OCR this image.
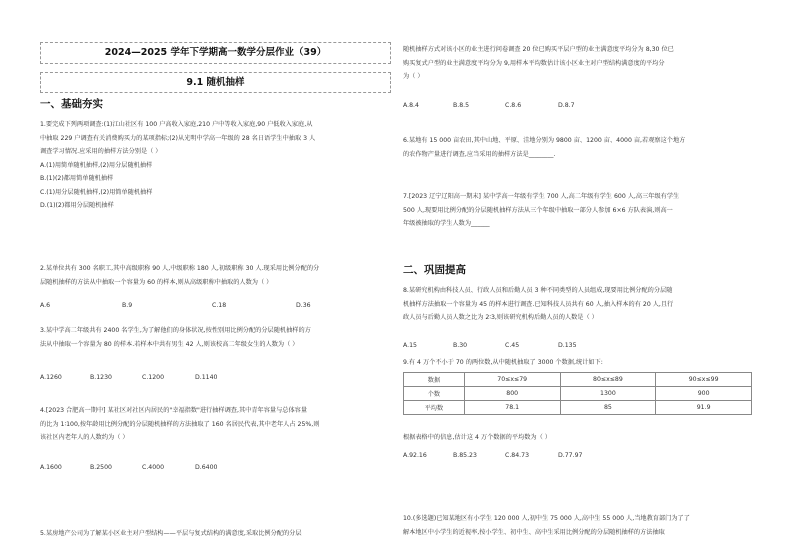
2024—2025 学年下学期高一数学分层作业（39）
9.1 随机抽样
一、基础夯实
1.要完成下列两项调查:(1)江山社区有 100 户高收入家庭,210 户中等收入家庭,90 户低收入家庭,从
中抽取 229 户调查有关消费购买力的某项指标;(2)从光明中学高一年级的 28 名日语学生中抽取 3 人
调查学习情况.应采用的抽样方法分别是（ ）
A.(1)用简单随机抽样,(2)用分层随机抽样
B.(1)(2)都用简单随机抽样
C.(1)用分层随机抽样,(2)用简单随机抽样
D.(1)(2)都用分层随机抽样
2.某单位共有 300 名职工,其中高级职称 90 人,中级职称 180 人,初级职称 30 人.现采用比例分配的分
层随机抽样的方法从中抽取一个容量为 60 的样本,则从高级职称中抽取的人数为（ ）
A.6	B.9	C.18	D.36
3.某中学高二年级共有 2400 名学生,为了解他们的身体状况,按性别用比例分配的分层随机抽样的方
法从中抽取一个容量为 80 的样本.若样本中共有男生 42 人,则该校高二年级女生的人数为（ ）
A.1260	B.1230	C.1200	D.1140
4.[2023 合肥高一期中] 某社区对社区内居民的"幸福指数"进行抽样调查,其中青年容量与总体容量
的比为 1∶100,按年龄用比例分配的分层随机抽样的方法抽取了 160 名居民代表,其中老年人占 25%,则
该社区内老年人的人数约为（ ）
A.1600	B.2500	C.4000	D.6400
5.某房地产公司为了解某小区业主对户型结构——平层与复式结构的满意度,采取比例分配的分层
随机抽样方式对该小区的业主进行问卷调查 20 位已购买平层户型的业主满意度平均分为 8,30 位已
购买复式户型的业主满意度平均分为 9,用样本平均数估计该小区业主对户型结构满意度的平均分
为（ ）
A.8.4	B.8.5	C.8.6	D.8.7
6.某地有 15 000 亩农田,其中山地、平原、洼地分别为 9800 亩、1200 亩、4000 亩,若观察这个地方
的农作物产量进行调查,应当采用的抽样方法是________.
7.[2023 辽宁辽阳高一期末] 某中学高一年级有学生 700 人,高二年级有学生 600 人,高三年级有学生
500 人,现要用比例分配的分层随机抽样方法从三个年级中抽取一部分人参加 6×6 方队表演,则高一
年级被抽取的学生人数为______
二、巩固提高
8.某研究机构由科技人员、行政人员和后勤人员 3 种不同类型的人员组成,现要用比例分配的分层随
机抽样方法抽取一个容量为 45 的样本进行调查.已知科技人员共有 60 人,抽入样本的有 20 人,且行
政人员与后勤人员人数之比为 2∶3,则该研究机构后勤人员的人数是（ ）
A.15	B.30	C.45	D.135
9.有 4 万个不小于 70 的两位数,从中随机抽取了 3000 个数据,统计如下:
数据	70≤x≤79	80≤x≤89	90≤x≤99
个数	800	1300	900
平均数	78.1	85	91.9
根据表格中的信息,估计这 4 万个数据的平均数为（ ）
A.92.16	B.85.23	C.84.73	D.77.97
10.(多选题)已知某地区有小学生 120 000 人,初中生 75 000 人,高中生 55 000 人,当地教育部门为了了
解本地区中小学生的近视率,按小学生、初中生、高中生采用比例分配的分层随机抽样的方法抽取
